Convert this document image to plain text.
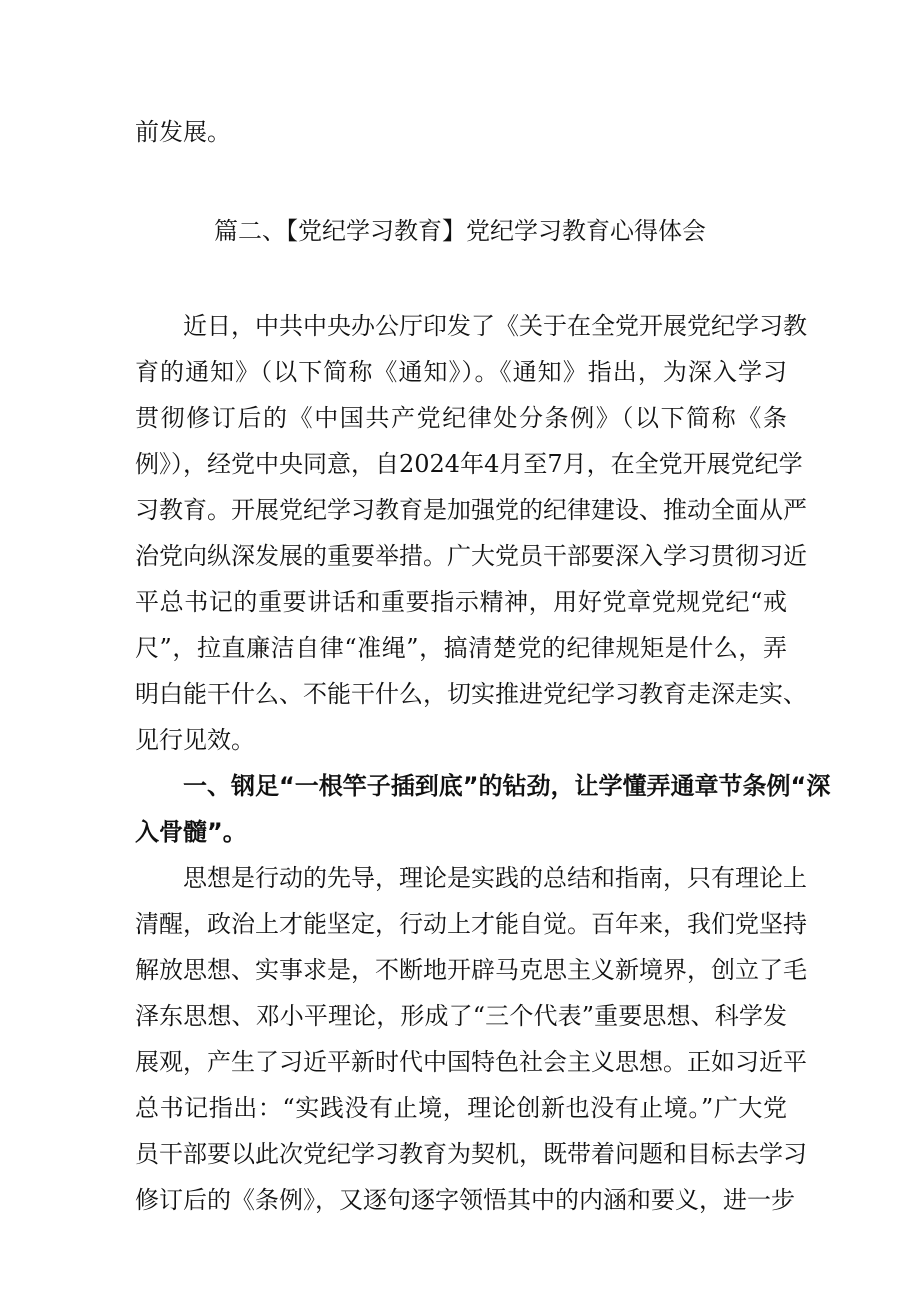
前发展。
篇二、【党纪学习教育】党纪学习教育心得体会
近日，中共中央办公厅印发了《关于在全党开展党纪学习教
育的通知》（以下简称《通知》）。《通知》指出，为深入学习
贯彻修订后的《中国共产党纪律处分条例》（以下简称《条
例》），经党中央同意，自2024年4月至7月，在全党开展党纪学
习教育。开展党纪学习教育是加强党的纪律建设、推动全面从严
治党向纵深发展的重要举措。广大党员干部要深入学习贯彻习近
平总书记的重要讲话和重要指示精神，用好党章党规党纪“戒
尺”，拉直廉洁自律“准绳”，搞清楚党的纪律规矩是什么，弄
明白能干什么、不能干什么，切实推进党纪学习教育走深走实、
见行见效。
一、钢足“一根竿子插到底”的钻劲，让学懂弄通章节条例“深
入骨髓”。
思想是行动的先导，理论是实践的总结和指南，只有理论上
清醒，政治上才能坚定，行动上才能自觉。百年来，我们党坚持
解放思想、实事求是，不断地开辟马克思主义新境界，创立了毛
泽东思想、邓小平理论，形成了“三个代表”重要思想、科学发
展观，产生了习近平新时代中国特色社会主义思想。正如习近平
总书记指出：“实践没有止境，理论创新也没有止境。”广大党
员干部要以此次党纪学习教育为契机，既带着问题和目标去学习
修订后的《条例》，又逐句逐字领悟其中的内涵和要义，进一步
